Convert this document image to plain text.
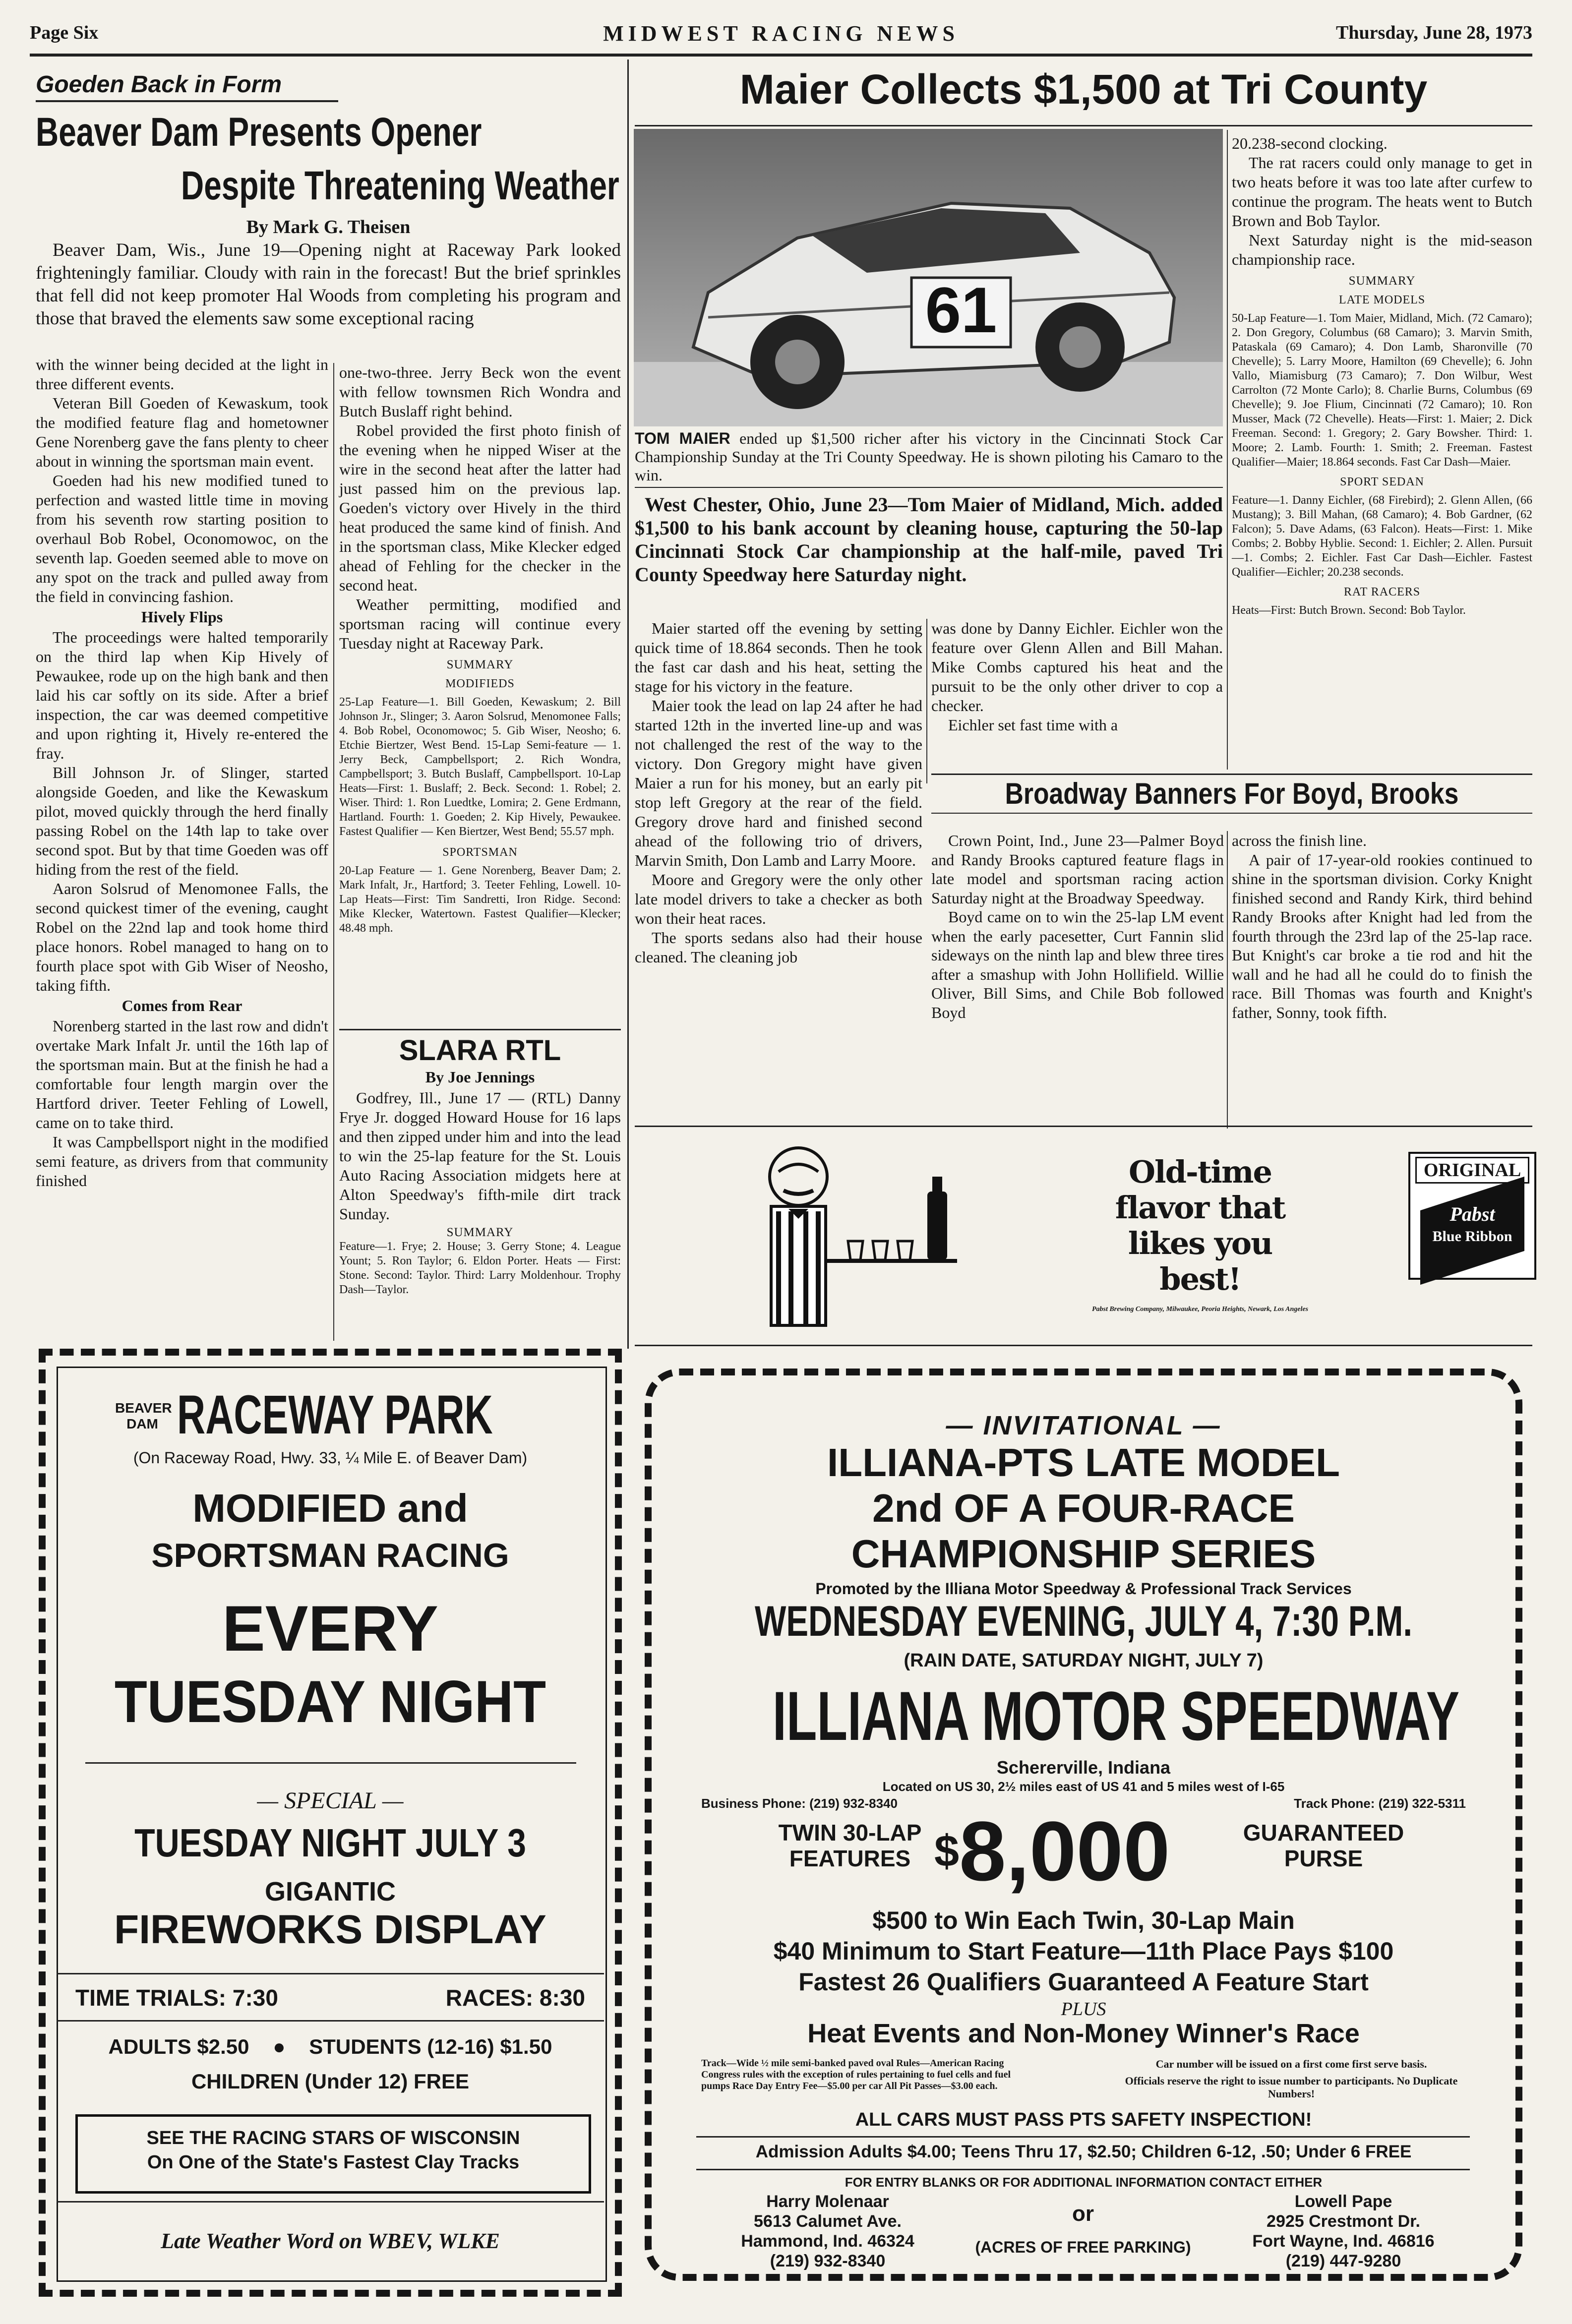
Page Six	MIDWEST RACING NEWS	Thursday, June 28, 1973
Goeden Back in Form
Beaver Dam Presents Opener
Despite Threatening Weather
By Mark G. Theisen

Beaver Dam, Wis., June 19—Opening night at Raceway Park looked frighteningly familiar. Cloudy with rain in the forecast! But the brief sprinkles that fell did not keep promoter Hal Woods from completing his program and those that braved the elements saw some exceptional racing

with the winner being decided at the light in three different events.

Veteran Bill Goeden of Kewaskum, took the modified feature flag and hometowner Gene Norenberg gave the fans plenty to cheer about in winning the sportsman main event.

Goeden had his new modified tuned to perfection and wasted little time in moving from his seventh row starting position to overhaul Bob Robel, Oconomowoc, on the seventh lap. Goeden seemed able to move on any spot on the track and pulled away from the field in convincing fashion.

Hively Flips

The proceedings were halted temporarily on the third lap when Kip Hively of Pewaukee, rode up on the high bank and then laid his car softly on its side. After a brief inspection, the car was deemed competitive and upon righting it, Hively re-entered the fray.

Bill Johnson Jr. of Slinger, started alongside Goeden, and like the Kewaskum pilot, moved quickly through the herd finally passing Robel on the 14th lap to take over second spot. But by that time Goeden was off hiding from the rest of the field.

Aaron Solsrud of Menomonee Falls, the second quickest timer of the evening, caught Robel on the 22nd lap and took home third place honors. Robel managed to hang on to fourth place spot with Gib Wiser of Neosho, taking fifth.

Comes from Rear

Norenberg started in the last row and didn't overtake Mark Infalt Jr. until the 16th lap of the sportsman main. But at the finish he had a comfortable four length margin over the Hartford driver. Teeter Fehling of Lowell, came on to take third.

It was Campbellsport night in the modified semi feature, as drivers from that community finished

one-two-three. Jerry Beck won the event with fellow townsmen Rich Wondra and Butch Buslaff right behind.

Robel provided the first photo finish of the evening when he nipped Wiser at the wire in the second heat after the latter had just passed him on the previous lap. Goeden's victory over Hively in the third heat produced the same kind of finish. And in the sportsman class, Mike Klecker edged ahead of Fehling for the checker in the second heat.

Weather permitting, modified and sportsman racing will continue every Tuesday night at Raceway Park.

SUMMARY
MODIFIEDS

25-Lap Feature—1. Bill Goeden, Kewaskum; 2. Bill Johnson Jr., Slinger; 3. Aaron Solsrud, Menomonee Falls; 4. Bob Robel, Oconomowoc; 5. Gib Wiser, Neosho; 6. Etchie Biertzer, West Bend. 15-Lap Semi-feature — 1. Jerry Beck, Campbellsport; 2. Rich Wondra, Campbellsport; 3. Butch Buslaff, Campbellsport. 10-Lap Heats—First: 1. Buslaff; 2. Beck. Second: 1. Robel; 2. Wiser. Third: 1. Ron Luedtke, Lomira; 2. Gene Erdmann, Hartland. Fourth: 1. Goeden; 2. Kip Hively, Pewaukee. Fastest Qualifier — Ken Biertzer, West Bend; 55.57 mph.

SPORTSMAN

20-Lap Feature — 1. Gene Norenberg, Beaver Dam; 2. Mark Infalt, Jr., Hartford; 3. Teeter Fehling, Lowell. 10-Lap Heats—First: Tim Sandretti, Iron Ridge. Second: Mike Klecker, Watertown. Fastest Qualifier—Klecker; 48.48 mph.

SLARA RTL
By Joe Jennings

Godfrey, Ill., June 17 — (RTL) Danny Frye Jr. dogged Howard House for 16 laps and then zipped under him and into the lead to win the 25-lap feature for the St. Louis Auto Racing Association midgets here at Alton Speedway's fifth-mile dirt track Sunday.

SUMMARY

Feature—1. Frye; 2. House; 3. Gerry Stone; 4. League Yount; 5. Ron Taylor; 6. Eldon Porter. Heats — First: Stone. Second: Taylor. Third: Larry Moldenhour. Trophy Dash—Taylor.

Maier Collects $1,500 at Tri County
61
TOM MAIER ended up $1,500 richer after his victory in the Cincinnati Stock Car Championship Sunday at the Tri County Speedway. He is shown piloting his Camaro to the win.

West Chester, Ohio, June 23—Tom Maier of Midland, Mich. added $1,500 to his bank account by cleaning house, capturing the 50-lap Cincinnati Stock Car championship at the half-mile, paved Tri County Speedway here Saturday night.

Maier started off the evening by setting quick time of 18.864 seconds. Then he took the fast car dash and his heat, setting the stage for his victory in the feature.

Maier took the lead on lap 24 after he had started 12th in the inverted line-up and was not challenged the rest of the way to the victory. Don Gregory might have given Maier a run for his money, but an early pit stop left Gregory at the rear of the field. Gregory drove hard and finished second ahead of the following trio of drivers, Marvin Smith, Don Lamb and Larry Moore.

Moore and Gregory were the only other late model drivers to take a checker as both won their heat races.

The sports sedans also had their house cleaned. The cleaning job

was done by Danny Eichler. Eichler won the feature over Glenn Allen and Bill Mahan. Mike Combs captured his heat and the pursuit to be the only other driver to cop a checker.

Eichler set fast time with a

20.238-second clocking.

The rat racers could only manage to get in two heats before it was too late after curfew to continue the program. The heats went to Butch Brown and Bob Taylor.

Next Saturday night is the mid-season championship race.

SUMMARY
LATE MODELS

50-Lap Feature—1. Tom Maier, Midland, Mich. (72 Camaro); 2. Don Gregory, Columbus (68 Camaro); 3. Marvin Smith, Pataskala (69 Camaro); 4. Don Lamb, Sharonville (70 Chevelle); 5. Larry Moore, Hamilton (69 Chevelle); 6. John Vallo, Miamisburg (73 Camaro); 7. Don Wilbur, West Carrolton (72 Monte Carlo); 8. Charlie Burns, Columbus (69 Chevelle); 9. Joe Flium, Cincinnati (72 Camaro); 10. Ron Musser, Mack (72 Chevelle). Heats—First: 1. Maier; 2. Dick Freeman. Second: 1. Gregory; 2. Gary Bowsher. Third: 1. Moore; 2. Lamb. Fourth: 1. Smith; 2. Freeman. Fastest Qualifier—Maier; 18.864 seconds. Fast Car Dash—Maier.

SPORT SEDAN

Feature—1. Danny Eichler, (68 Firebird); 2. Glenn Allen, (66 Mustang); 3. Bill Mahan, (68 Camaro); 4. Bob Gardner, (62 Falcon); 5. Dave Adams, (63 Falcon). Heats—First: 1. Mike Combs; 2. Bobby Hyblie. Second: 1. Eichler; 2. Allen. Pursuit—1. Combs; 2. Eichler. Fast Car Dash—Eichler. Fastest Qualifier—Eichler; 20.238 seconds.

RAT RACERS

Heats—First: Butch Brown. Second: Bob Taylor.

Broadway Banners For Boyd, Brooks

Crown Point, Ind., June 23—Palmer Boyd and Randy Brooks captured feature flags in late model and sportsman racing action Saturday night at the Broadway Speedway.

Boyd came on to win the 25-lap LM event when the early pacesetter, Curt Fannin slid sideways on the ninth lap and blew three tires after a smashup with John Hollifield. Willie Oliver, Bill Sims, and Chile Bob followed Boyd

across the finish line.

A pair of 17-year-old rookies continued to shine in the sportsman division. Corky Knight finished second and Randy Kirk, third behind Randy Brooks after Knight had led from the fourth through the 23rd lap of the 25-lap race. But Knight's car broke a tie rod and hit the wall and he had all he could do to finish the race. Bill Thomas was fourth and Knight's father, Sonny, took fifth.

Old-time
flavor that
likes you
best!
ORIGINAL
Pabst
Blue Ribbon
Pabst Brewing Company, Milwaukee, Peoria Heights, Newark, Los Angeles
BEAVER
DAM RACEWAY PARK
(On Raceway Road, Hwy. 33, ¼ Mile E. of Beaver Dam)
MODIFIED and
SPORTSMAN RACING
EVERY
TUESDAY NIGHT
— SPECIAL —
TUESDAY NIGHT JULY 3
GIGANTIC
FIREWORKS DISPLAY
TIME TRIALS: 7:30	RACES: 8:30
ADULTS $2.50 ● STUDENTS (12-16) $1.50
CHILDREN (Under 12) FREE
SEE THE RACING STARS OF WISCONSIN
On One of the State's Fastest Clay Tracks
Late Weather Word on WBEV, WLKE
— INVITATIONAL —
ILLIANA-PTS LATE MODEL
2nd OF A FOUR-RACE
CHAMPIONSHIP SERIES
Promoted by the Illiana Motor Speedway & Professional Track Services
WEDNESDAY EVENING, JULY 4, 7:30 P.M.
(RAIN DATE, SATURDAY NIGHT, JULY 7)
ILLIANA MOTOR SPEEDWAY
Schererville, Indiana
Located on US 30, 2½ miles east of US 41 and 5 miles west of I-65
Business Phone: (219) 932-8340	Track Phone: (219) 322-5311
TWIN 30-LAP
FEATURES $8,000	GUARANTEED
PURSE
$500 to Win Each Twin, 30-Lap Main
$40 Minimum to Start Feature—11th Place Pays $100
Fastest 26 Qualifiers Guaranteed A Feature Start
PLUS
Heat Events and Non-Money Winner's Race
Track—Wide ½ mile semi-banked paved oval Rules—American Racing Congress rules with the exception of rules pertaining to fuel cells and fuel pumps Race Day Entry Fee—$5.00 per car All Pit Passes—$3.00 each.
Car number will be issued on a first come first serve basis.
Officials reserve the right to issue number to participants. No Duplicate Numbers!
ALL CARS MUST PASS PTS SAFETY INSPECTION!
Admission Adults $4.00; Teens Thru 17, $2.50; Children 6-12, .50; Under 6 FREE
FOR ENTRY BLANKS OR FOR ADDITIONAL INFORMATION CONTACT EITHER
Harry Molenaar
5613 Calumet Ave.
Hammond, Ind. 46324
(219) 932-8340
or
(ACRES OF FREE PARKING)
Lowell Pape
2925 Crestmont Dr.
Fort Wayne, Ind. 46816
(219) 447-9280
